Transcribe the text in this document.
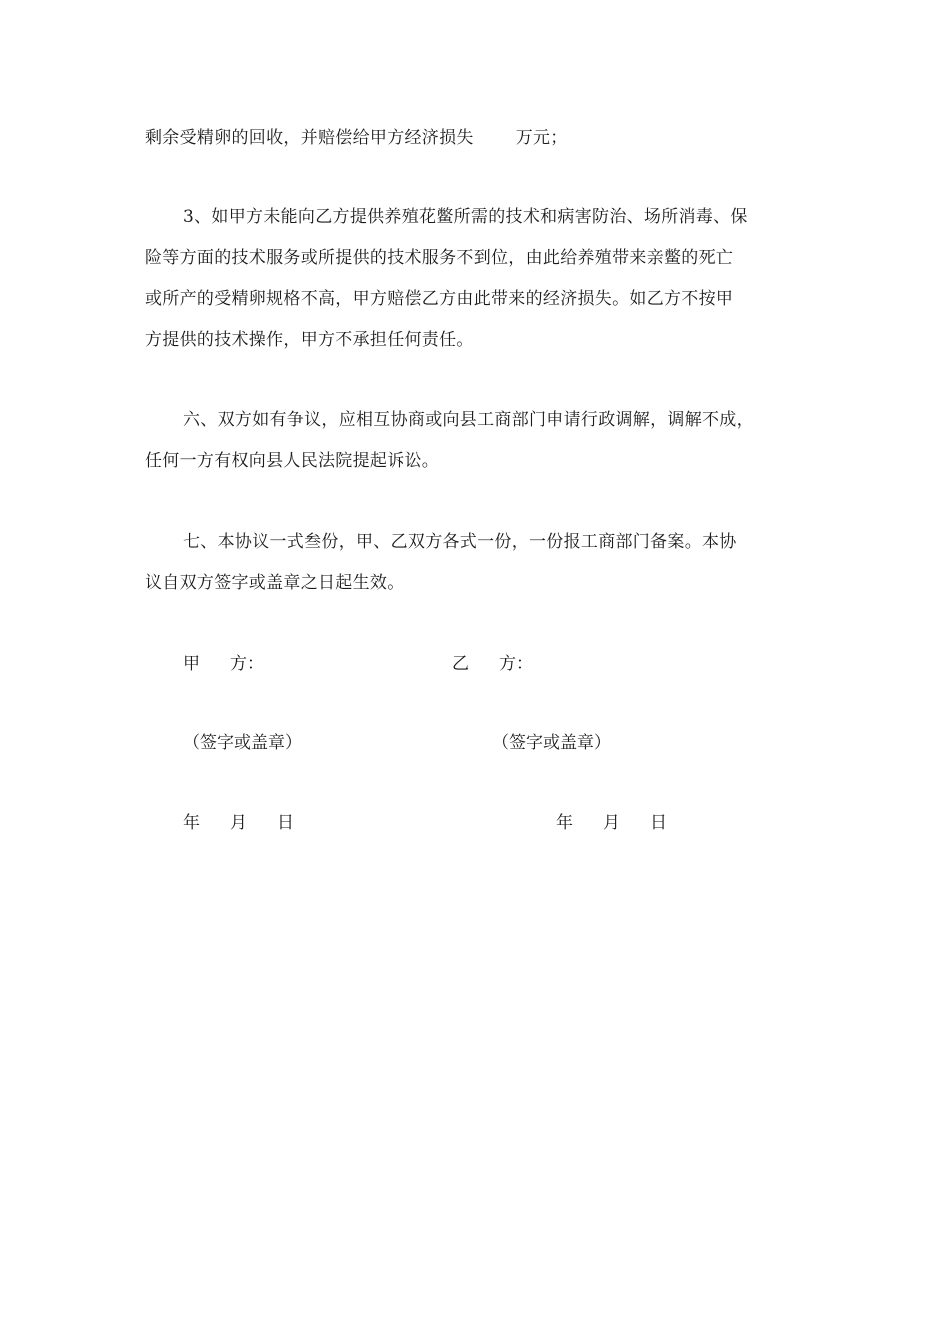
剩余受精卵的回收，并赔偿给甲方经济损失 万元；

3、如甲方未能向乙方提供养殖花鳖所需的技术和病害防治、场所消毒、保
险等方面的技术服务或所提供的技术服务不到位，由此给养殖带来亲鳖的死亡
或所产的受精卵规格不高，甲方赔偿乙方由此带来的经济损失。如乙方不按甲
方提供的技术操作，甲方不承担任何责任。

六、双方如有争议，应相互协商或向县工商部门申请行政调解，调解不成，
任何一方有权向县人民法院提起诉讼。

七、本协议一式叁份，甲、乙双方各式一份，一份报工商部门备案。本协
议自双方签字或盖章之日起生效。

甲 方：	乙 方：
（签字或盖章）	（签字或盖章）
年 月 日	年 月 日
